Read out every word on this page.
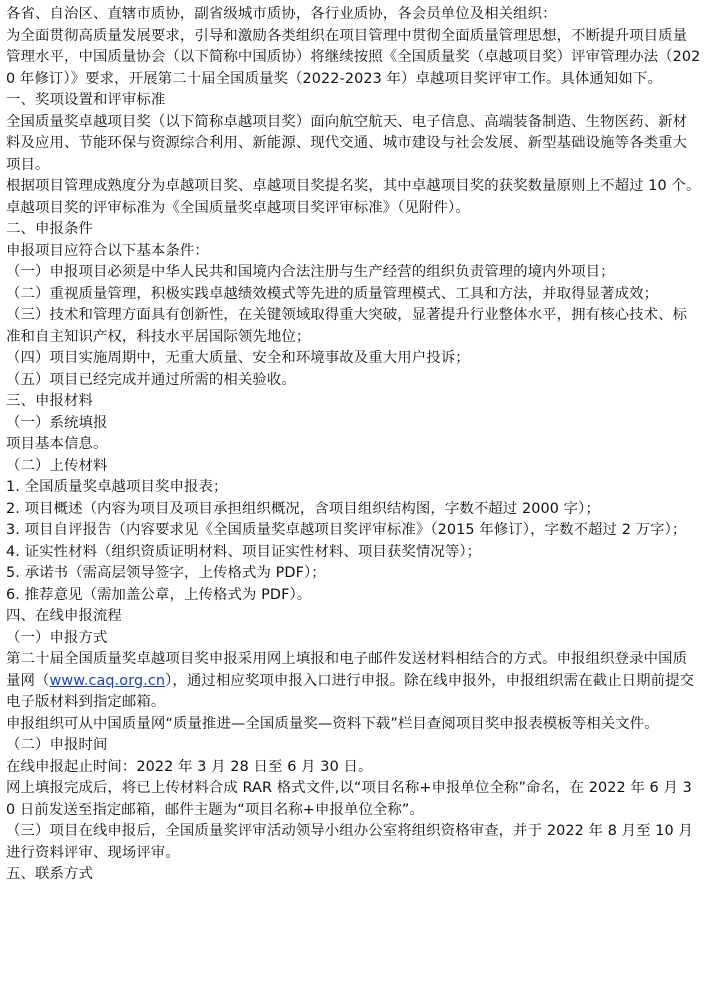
各省、自治区、直辖市质协，副省级城市质协，各行业质协，各会员单位及相关组织：
为全面贯彻高质量发展要求，引导和激励各类组织在项目管理中贯彻全面质量管理思想，不断提升项目质量管理水平，中国质量协会（以下简称中国质协）将继续按照《全国质量奖（卓越项目奖）评审管理办法（2020 年修订）》要求，开展第二十届全国质量奖（2022-2023 年）卓越项目奖评审工作。具体通知如下。
一、奖项设置和评审标准
全国质量奖卓越项目奖（以下简称卓越项目奖）面向航空航天、电子信息、高端装备制造、生物医药、新材料及应用、节能环保与资源综合利用、新能源、现代交通、城市建设与社会发展、新型基础设施等各类重大项目。
根据项目管理成熟度分为卓越项目奖、卓越项目奖提名奖，其中卓越项目奖的获奖数量原则上不超过 10 个。
卓越项目奖的评审标准为《全国质量奖卓越项目奖评审标准》（见附件）。
二、申报条件
申报项目应符合以下基本条件：
（一）申报项目必须是中华人民共和国境内合法注册与生产经营的组织负责管理的境内外项目；
（二）重视质量管理，积极实践卓越绩效模式等先进的质量管理模式、工具和方法，并取得显著成效；
（三）技术和管理方面具有创新性，在关键领域取得重大突破，显著提升行业整体水平，拥有核心技术、标准和自主知识产权，科技水平居国际领先地位；
（四）项目实施周期中，无重大质量、安全和环境事故及重大用户投诉；
（五）项目已经完成并通过所需的相关验收。
三、申报材料
（一）系统填报
项目基本信息。
（二）上传材料
1. 全国质量奖卓越项目奖申报表；
2. 项目概述（内容为项目及项目承担组织概况，含项目组织结构图，字数不超过 2000 字）；
3. 项目自评报告（内容要求见《全国质量奖卓越项目奖评审标准》（2015 年修订），字数不超过 2 万字）；
4. 证实性材料（组织资质证明材料、项目证实性材料、项目获奖情况等）；
5. 承诺书（需高层领导签字，上传格式为 PDF）；
6. 推荐意见（需加盖公章，上传格式为 PDF）。
四、在线申报流程
（一）申报方式
第二十届全国质量奖卓越项目奖申报采用网上填报和电子邮件发送材料相结合的方式。申报组织登录中国质量网（www.caq.org.cn），通过相应奖项申报入口进行申报。除在线申报外，申报组织需在截止日期前提交电子版材料到指定邮箱。
申报组织可从中国质量网“质量推进—全国质量奖—资料下载”栏目查阅项目奖申报表模板等相关文件。
（二）申报时间
在线申报起止时间：2022 年 3 月 28 日至 6 月 30 日。
网上填报完成后，将已上传材料合成 RAR 格式文件,以“项目名称+申报单位全称”命名，在 2022 年 6 月 30 日前发送至指定邮箱，邮件主题为“项目名称+申报单位全称”。
（三）项目在线申报后，全国质量奖评审活动领导小组办公室将组织资格审查，并于 2022 年 8 月至 10 月进行资料评审、现场评审。
五、联系方式
